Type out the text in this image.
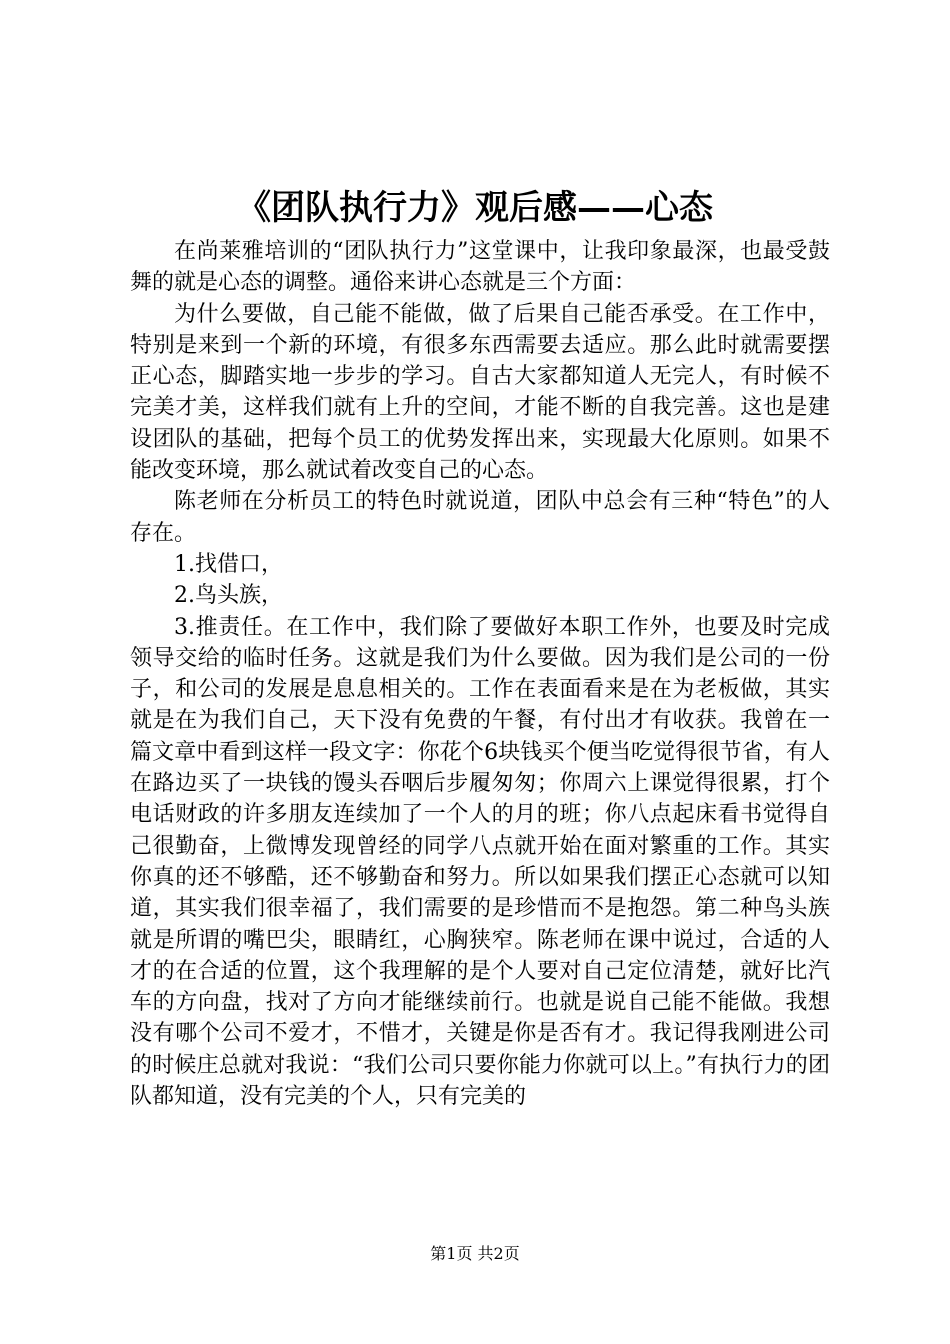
《团队执行力》观后感——心态

在尚莱雅培训的“团队执行力”这堂课中，让我印象最深，也最受鼓舞的就是心态的调整。通俗来讲心态就是三个方面：

为什么要做，自己能不能做，做了后果自己能否承受。在工作中，特别是来到一个新的环境，有很多东西需要去适应。那么此时就需要摆正心态，脚踏实地一步步的学习。自古大家都知道人无完人，有时候不完美才美，这样我们就有上升的空间，才能不断的自我完善。这也是建设团队的基础，把每个员工的优势发挥出来，实现最大化原则。如果不能改变环境，那么就试着改变自己的心态。

陈老师在分析员工的特色时就说道，团队中总会有三种“特色”的人存在。

1.找借口，

2.鸟头族，

3.推责任。在工作中，我们除了要做好本职工作外，也要及时完成领导交给的临时任务。这就是我们为什么要做。因为我们是公司的一份子，和公司的发展是息息相关的。工作在表面看来是在为老板做，其实就是在为我们自己，天下没有免费的午餐，有付出才有收获。我曾在一篇文章中看到这样一段文字：你花个6块钱买个便当吃觉得很节省，有人在路边买了一块钱的馒头吞咽后步履匆匆；你周六上课觉得很累，打个电话财政的许多朋友连续加了一个人的月的班；你八点起床看书觉得自己很勤奋，上微博发现曾经的同学八点就开始在面对繁重的工作。其实你真的还不够酷，还不够勤奋和努力。所以如果我们摆正心态就可以知道，其实我们很幸福了，我们需要的是珍惜而不是抱怨。第二种鸟头族就是所谓的嘴巴尖，眼睛红，心胸狭窄。陈老师在课中说过，合适的人才的在合适的位置，这个我理解的是个人要对自己定位清楚，就好比汽车的方向盘，找对了方向才能继续前行。也就是说自己能不能做。我想没有哪个公司不爱才，不惜才，关键是你是否有才。我记得我刚进公司的时候庄总就对我说：“我们公司只要你能力你就可以上。”有执行力的团队都知道，没有完美的个人，只有完美的

第1页 共2页
